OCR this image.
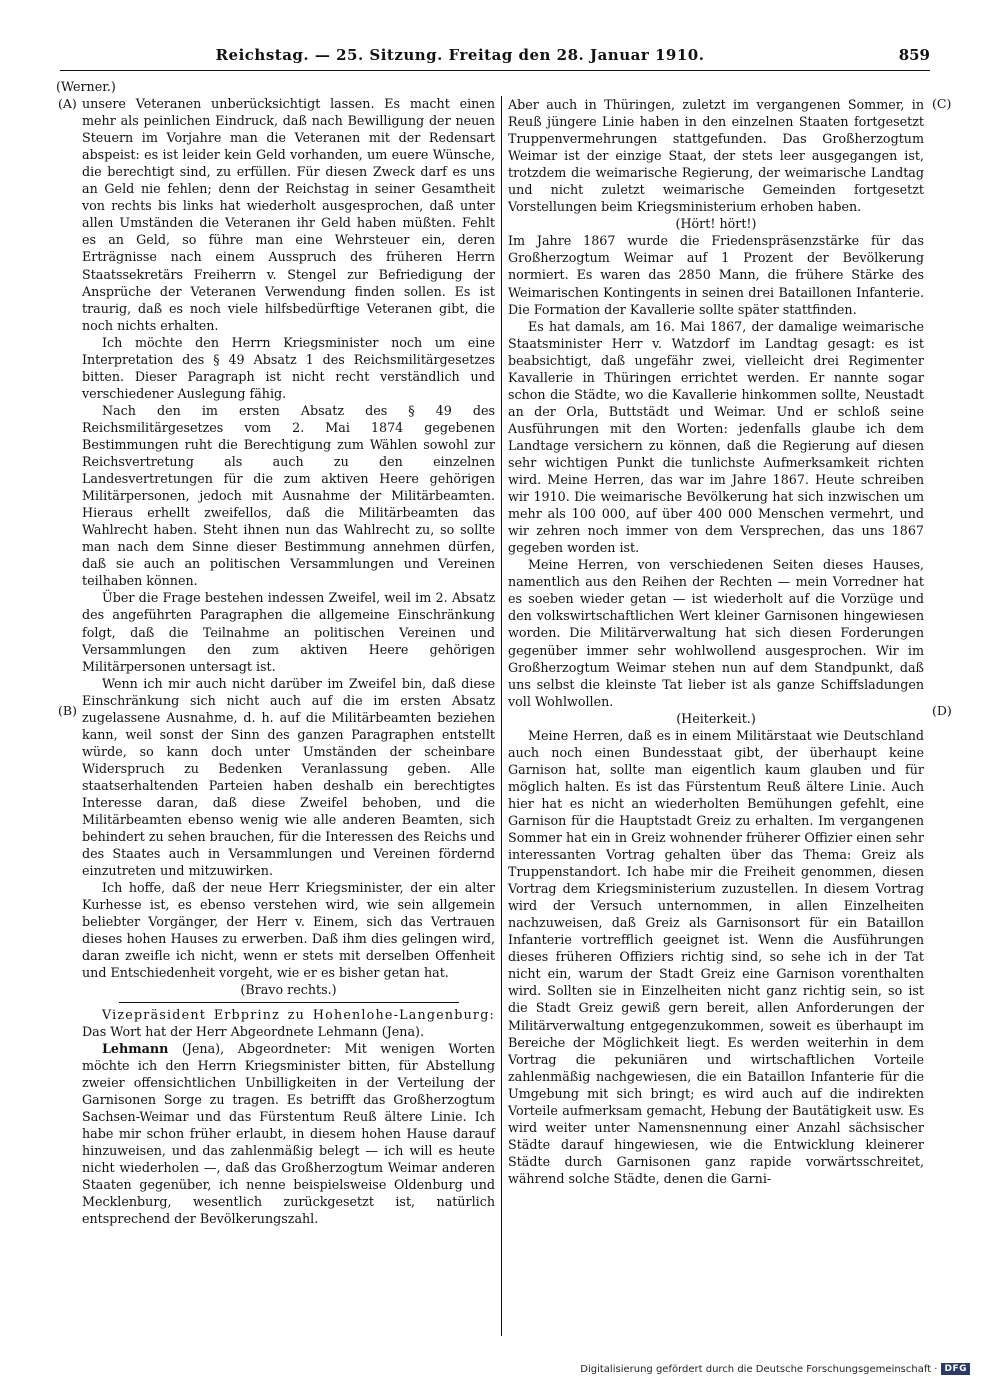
Reichstag. — 25. Sitzung. Freitag den 28. Januar 1910.	859
(A)
(B)
(C)
(D)

(Werner.)

unsere Veteranen unberücksichtigt lassen. Es macht einen mehr als peinlichen Eindruck, daß nach Bewilligung der neuen Steuern im Vorjahre man die Veteranen mit der Redensart abspeist: es ist leider kein Geld vorhanden, um euere Wünsche, die berechtigt sind, zu erfüllen. Für diesen Zweck darf es uns an Geld nie fehlen; denn der Reichstag in seiner Gesamtheit von rechts bis links hat wiederholt ausgesprochen, daß unter allen Umständen die Veteranen ihr Geld haben müßten. Fehlt es an Geld, so führe man eine Wehrsteuer ein, deren Erträgnisse nach einem Ausspruch des früheren Herrn Staatssekretärs Freiherrn v. Stengel zur Befriedigung der Ansprüche der Veteranen Verwendung finden sollen. Es ist traurig, daß es noch viele hilfsbedürftige Veteranen gibt, die noch nichts erhalten.

Ich möchte den Herrn Kriegsminister noch um eine Interpretation des § 49 Absatz 1 des Reichsmilitärgesetzes bitten. Dieser Paragraph ist nicht recht verständlich und verschiedener Auslegung fähig.

Nach den im ersten Absatz des § 49 des Reichsmilitärgesetzes vom 2. Mai 1874 gegebenen Bestimmungen ruht die Berechtigung zum Wählen sowohl zur Reichsvertretung als auch zu den einzelnen Landesvertretungen für die zum aktiven Heere gehörigen Militärpersonen, jedoch mit Ausnahme der Militärbeamten. Hieraus erhellt zweifellos, daß die Militärbeamten das Wahlrecht haben. Steht ihnen nun das Wahlrecht zu, so sollte man nach dem Sinne dieser Bestimmung annehmen dürfen, daß sie auch an politischen Versammlungen und Vereinen teilhaben können.

Über die Frage bestehen indessen Zweifel, weil im 2. Absatz des angeführten Paragraphen die allgemeine Einschränkung folgt, daß die Teilnahme an politischen Vereinen und Versammlungen den zum aktiven Heere gehörigen Militärpersonen untersagt ist.

Wenn ich mir auch nicht darüber im Zweifel bin, daß diese Einschränkung sich nicht auch auf die im ersten Absatz zugelassene Ausnahme, d. h. auf die Militärbeamten beziehen kann, weil sonst der Sinn des ganzen Paragraphen entstellt würde, so kann doch unter Umständen der scheinbare Widerspruch zu Bedenken Veranlassung geben. Alle staatserhaltenden Parteien haben deshalb ein berechtigtes Interesse daran, daß diese Zweifel behoben, und die Militärbeamten ebenso wenig wie alle anderen Beamten, sich behindert zu sehen brauchen, für die Interessen des Reichs und des Staates auch in Versammlungen und Vereinen fördernd einzutreten und mitzuwirken.

Ich hoffe, daß der neue Herr Kriegsminister, der ein alter Kurhesse ist, es ebenso verstehen wird, wie sein allgemein beliebter Vorgänger, der Herr v. Einem, sich das Vertrauen dieses hohen Hauses zu erwerben. Daß ihm dies gelingen wird, daran zweifle ich nicht, wenn er stets mit derselben Offenheit und Entschiedenheit vorgeht, wie er es bisher getan hat.

(Bravo rechts.)

Vizepräsident Erbprinz zu Hohenlohe-Langenburg: Das Wort hat der Herr Abgeordnete Lehmann (Jena).

Lehmann (Jena), Abgeordneter: Mit wenigen Worten möchte ich den Herrn Kriegsminister bitten, für Abstellung zweier offensichtlichen Unbilligkeiten in der Verteilung der Garnisonen Sorge zu tragen. Es betrifft das Großherzogtum Sachsen-Weimar und das Fürstentum Reuß ältere Linie. Ich habe mir schon früher erlaubt, in diesem hohen Hause darauf hinzuweisen, und das zahlenmäßig belegt — ich will es heute nicht wiederholen —, daß das Großherzogtum Weimar anderen Staaten gegenüber, ich nenne beispielsweise Oldenburg und Mecklenburg, wesentlich zurückgesetzt ist, natürlich entsprechend der Bevölkerungszahl.

Aber auch in Thüringen, zuletzt im vergangenen Sommer, in Reuß jüngere Linie haben in den einzelnen Staaten fortgesetzt Truppenvermehrungen stattgefunden. Das Großherzogtum Weimar ist der einzige Staat, der stets leer ausgegangen ist, trotzdem die weimarische Regierung, der weimarische Landtag und nicht zuletzt weimarische Gemeinden fortgesetzt Vorstellungen beim Kriegsministerium erhoben haben.

(Hört! hört!)

Im Jahre 1867 wurde die Friedenspräsenzstärke für das Großherzogtum Weimar auf 1 Prozent der Bevölkerung normiert. Es waren das 2850 Mann, die frühere Stärke des Weimarischen Kontingents in seinen drei Bataillonen Infanterie. Die Formation der Kavallerie sollte später stattfinden.

Es hat damals, am 16. Mai 1867, der damalige weimarische Staatsminister Herr v. Watzdorf im Landtag gesagt: es ist beabsichtigt, daß ungefähr zwei, vielleicht drei Regimenter Kavallerie in Thüringen errichtet werden. Er nannte sogar schon die Städte, wo die Kavallerie hinkommen sollte, Neustadt an der Orla, Buttstädt und Weimar. Und er schloß seine Ausführungen mit den Worten: jedenfalls glaube ich dem Landtage versichern zu können, daß die Regierung auf diesen sehr wichtigen Punkt die tunlichste Aufmerksamkeit richten wird. Meine Herren, das war im Jahre 1867. Heute schreiben wir 1910. Die weimarische Bevölkerung hat sich inzwischen um mehr als 100 000, auf über 400 000 Menschen vermehrt, und wir zehren noch immer von dem Versprechen, das uns 1867 gegeben worden ist.

Meine Herren, von verschiedenen Seiten dieses Hauses, namentlich aus den Reihen der Rechten — mein Vorredner hat es soeben wieder getan — ist wiederholt auf die Vorzüge und den volkswirtschaftlichen Wert kleiner Garnisonen hingewiesen worden. Die Militärverwaltung hat sich diesen Forderungen gegenüber immer sehr wohlwollend ausgesprochen. Wir im Großherzogtum Weimar stehen nun auf dem Standpunkt, daß uns selbst die kleinste Tat lieber ist als ganze Schiffsladungen voll Wohlwollen.

(Heiterkeit.)

Meine Herren, daß es in einem Militärstaat wie Deutschland auch noch einen Bundesstaat gibt, der überhaupt keine Garnison hat, sollte man eigentlich kaum glauben und für möglich halten. Es ist das Fürstentum Reuß ältere Linie. Auch hier hat es nicht an wiederholten Bemühungen gefehlt, eine Garnison für die Hauptstadt Greiz zu erhalten. Im vergangenen Sommer hat ein in Greiz wohnender früherer Offizier einen sehr interessanten Vortrag gehalten über das Thema: Greiz als Truppenstandort. Ich habe mir die Freiheit genommen, diesen Vortrag dem Kriegsministerium zuzustellen. In diesem Vortrag wird der Versuch unternommen, in allen Einzelheiten nachzuweisen, daß Greiz als Garnisonsort für ein Bataillon Infanterie vortrefflich geeignet ist. Wenn die Ausführungen dieses früheren Offiziers richtig sind, so sehe ich in der Tat nicht ein, warum der Stadt Greiz eine Garnison vorenthalten wird. Sollten sie in Einzelheiten nicht ganz richtig sein, so ist die Stadt Greiz gewiß gern bereit, allen Anforderungen der Militärverwaltung entgegenzukommen, soweit es überhaupt im Bereiche der Möglichkeit liegt. Es werden weiterhin in dem Vortrag die pekuniären und wirtschaftlichen Vorteile zahlenmäßig nachgewiesen, die ein Bataillon Infanterie für die Umgebung mit sich bringt; es wird auch auf die indirekten Vorteile aufmerksam gemacht, Hebung der Bautätigkeit usw. Es wird weiter unter Namensnennung einer Anzahl sächsischer Städte darauf hingewiesen, wie die Entwicklung kleinerer Städte durch Garnisonen ganz rapide vorwärtsschreitet, während solche Städte, denen die Garni-

Digitalisierung gefördert durch die Deutsche Forschungsgemeinschaft · DFG
